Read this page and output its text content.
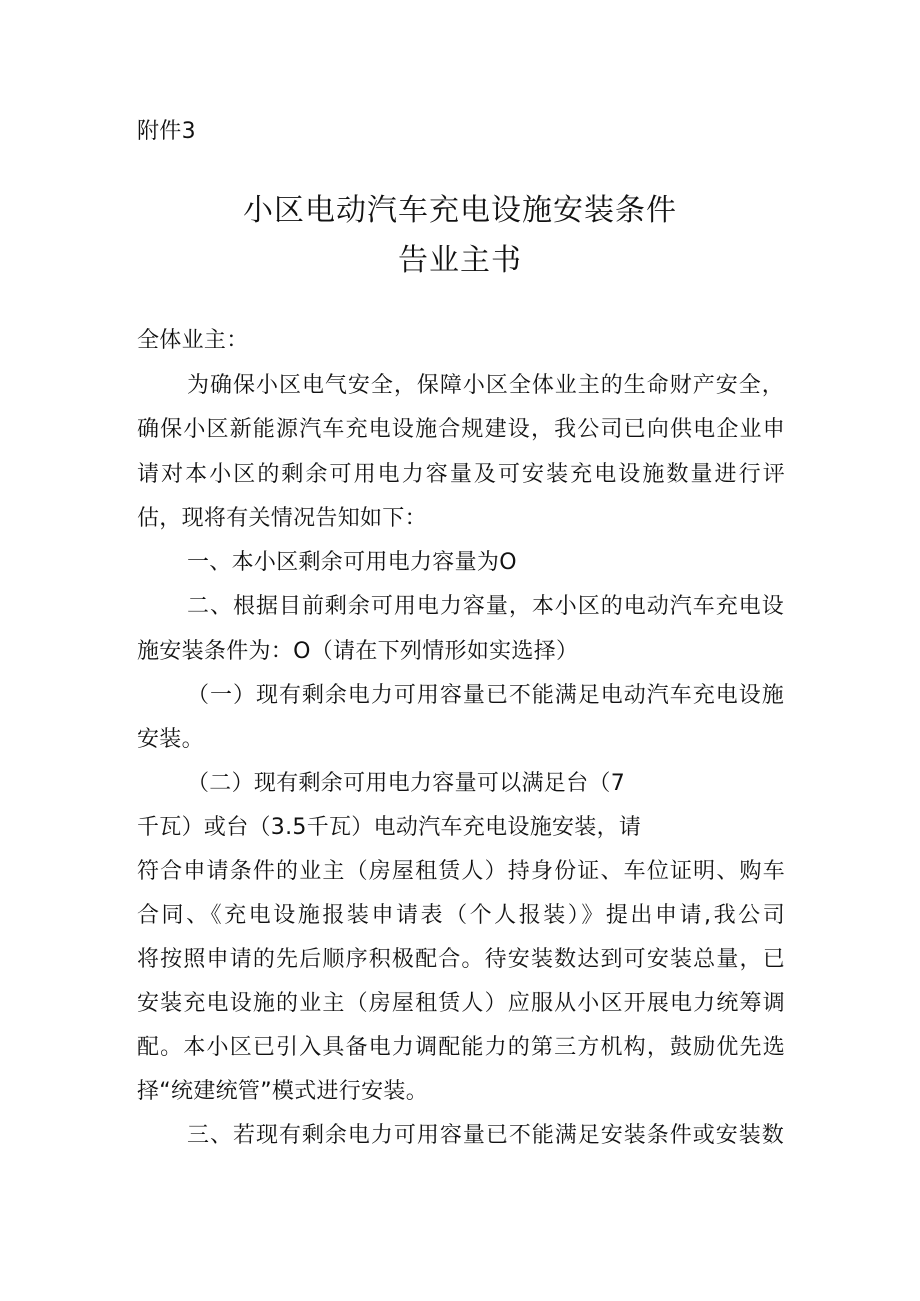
附件3
小区电动汽车充电设施安装条件
告业主书
全体业主：
为确保小区电气安全，保障小区全体业主的生命财产安全，
确保小区新能源汽车充电设施合规建设，我公司已向供电企业申
请对本小区的剩余可用电力容量及可安装充电设施数量进行评
估，现将有关情况告知如下：
一、本小区剩余可用电力容量为O
二、根据目前剩余可用电力容量，本小区的电动汽车充电设
施安装条件为：O（请在下列情形如实选择）
（一）现有剩余电力可用容量已不能满足电动汽车充电设施
安装。
（二）现有剩余可用电力容量可以满足台（7
千瓦）或台（3.5千瓦）电动汽车充电设施安装，请
符合申请条件的业主（房屋租赁人）持身份证、车位证明、购车
合同、《充电设施报装申请表（个人报装）》提出申请,我公司
将按照申请的先后顺序积极配合。待安装数达到可安装总量，已
安装充电设施的业主（房屋租赁人）应服从小区开展电力统筹调
配。本小区已引入具备电力调配能力的第三方机构，鼓励优先选
择“统建统管”模式进行安装。
三、若现有剩余电力可用容量已不能满足安装条件或安装数
